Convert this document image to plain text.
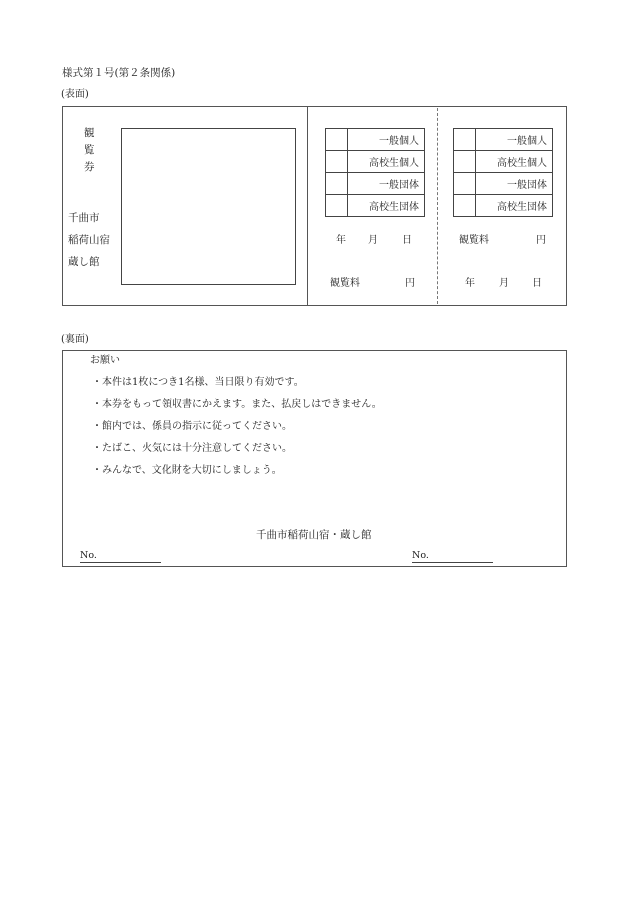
様式第１号(第２条関係)
(表面)
観
覧
券
千曲市
稲荷山宿
蔵し館
	一般個人
	高校生個人
	一般団体
	高校生団体
年 月 日
観覧料	円
	一般個人
	高校生個人
	一般団体
	高校生団体
観覧料	円
年 月 日
(裏面)
お願い
・本件は1枚につき1名様、当日限り有効です。
・本券をもって領収書にかえます。また、払戻しはできません。
・館内では、係員の指示に従ってください。
・たばこ、火気には十分注意してください。
・みんなで、文化財を大切にしましょう。
千曲市稲荷山宿・蔵し館
No.	No.
